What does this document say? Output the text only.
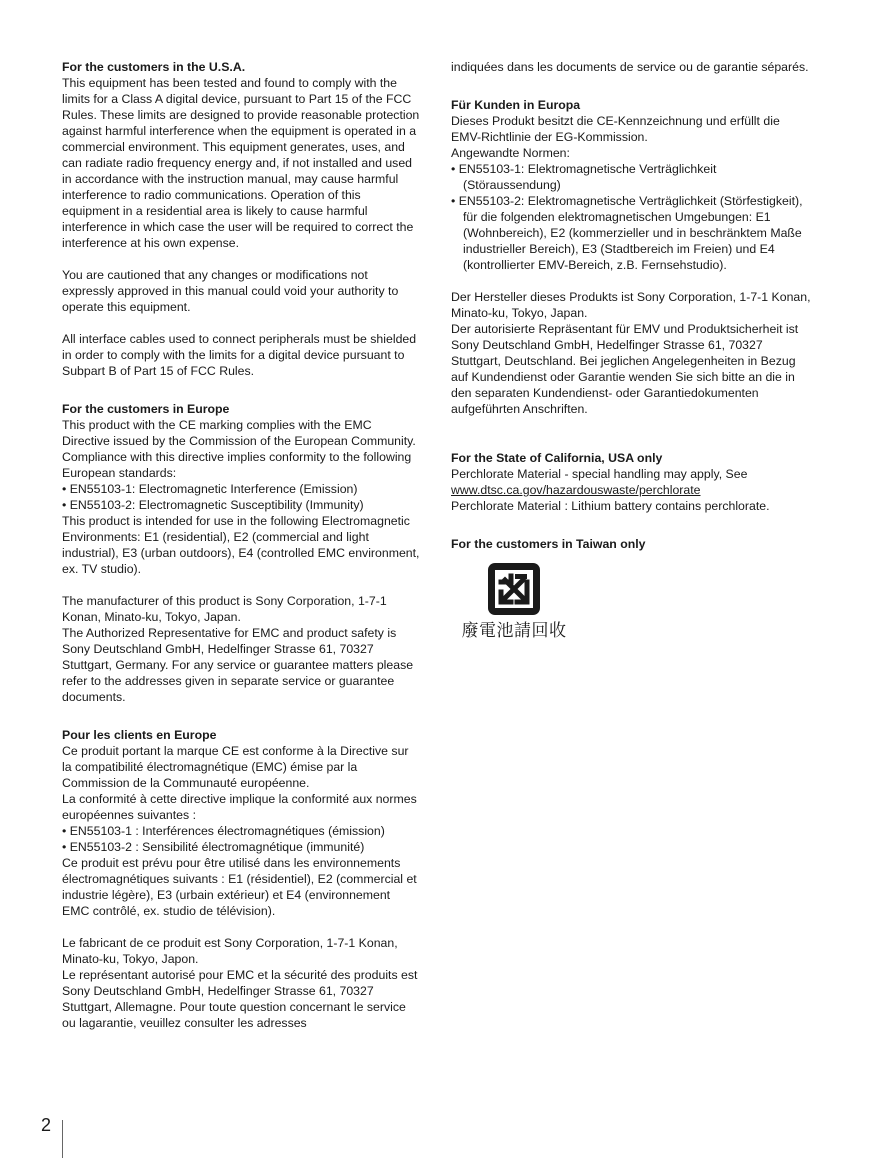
For the customers in the U.S.A.

This equipment has been tested and found to comply with the limits for a Class A digital device, pursuant to Part 15 of the FCC Rules. These limits are designed to provide reasonable protection against harmful interference when the equipment is operated in a commercial environment. This equipment generates, uses, and can radiate radio frequency energy and, if not installed and used in accordance with the instruction manual, may cause harmful interference to radio communications. Operation of this equipment in a residential area is likely to cause harmful interference in which case the user will be required to correct the interference at his own expense.

You are cautioned that any changes or modifications not expressly approved in this manual could void your authority to operate this equipment.

All interface cables used to connect peripherals must be shielded in order to comply with the limits for a digital device pursuant to Subpart B of Part 15 of FCC Rules.

For the customers in Europe

This product with the CE marking complies with the EMC Directive issued by the Commission of the European Community.

Compliance with this directive implies conformity to the following European standards:

• EN55103-1: Electromagnetic Interference (Emission)

• EN55103-2: Electromagnetic Susceptibility (Immunity)

This product is intended for use in the following Electromagnetic Environments: E1 (residential), E2 (commercial and light industrial), E3 (urban outdoors), E4 (controlled EMC environment, ex. TV studio).

The manufacturer of this product is Sony Corporation, 1-7-1 Konan, Minato-ku, Tokyo, Japan.

The Authorized Representative for EMC and product safety is Sony Deutschland GmbH, Hedelfinger Strasse 61, 70327 Stuttgart, Germany. For any service or guarantee matters please refer to the addresses given in separate service or guarantee documents.

Pour les clients en Europe

Ce produit portant la marque CE est conforme à la Directive sur la compatibilité électromagnétique (EMC) émise par la Commission de la Communauté européenne.

La conformité à cette directive implique la conformité aux normes européennes suivantes :

• EN55103-1 : Interférences électromagnétiques (émission)

• EN55103-2 : Sensibilité électromagnétique (immunité)

Ce produit est prévu pour être utilisé dans les environnements électromagnétiques suivants : E1 (résidentiel), E2 (commercial et industrie légère), E3 (urbain extérieur) et E4 (environnement EMC contrôlé, ex. studio de télévision).

Le fabricant de ce produit est Sony Corporation, 1-7-1 Konan, Minato-ku, Tokyo, Japon.

Le représentant autorisé pour EMC et la sécurité des produits est Sony Deutschland GmbH, Hedelfinger Strasse 61, 70327 Stuttgart, Allemagne. Pour toute question concernant le service ou lagarantie, veuillez consulter les adresses

indiquées dans les documents de service ou de garantie séparés.

Für Kunden in Europa

Dieses Produkt besitzt die CE-Kennzeichnung und erfüllt die EMV-Richtlinie der EG-Kommission.

Angewandte Normen:

• EN55103-1: Elektromagnetische Verträglichkeit (Störaussendung)

• EN55103-2: Elektromagnetische Verträglichkeit (Störfestigkeit), für die folgenden elektromagnetischen Umgebungen: E1 (Wohnbereich), E2 (kommerzieller und in beschränktem Maße industrieller Bereich), E3 (Stadtbereich im Freien) und E4 (kontrollierter EMV-Bereich, z.B. Fernsehstudio).

Der Hersteller dieses Produkts ist Sony Corporation, 1-7-1 Konan, Minato-ku, Tokyo, Japan.

Der autorisierte Repräsentant für EMV und Produktsicherheit ist Sony Deutschland GmbH, Hedelfinger Strasse 61, 70327 Stuttgart, Deutschland. Bei jeglichen Angelegenheiten in Bezug auf Kundendienst oder Garantie wenden Sie sich bitte an die in den separaten Kundendienst- oder Garantiedokumenten aufgeführten Anschriften.

For the State of California, USA only

Perchlorate Material - special handling may apply, See

www.dtsc.ca.gov/hazardouswaste/perchlorate

Perchlorate Material : Lithium battery contains perchlorate.

For the customers in Taiwan only

廢電池請回收
2
